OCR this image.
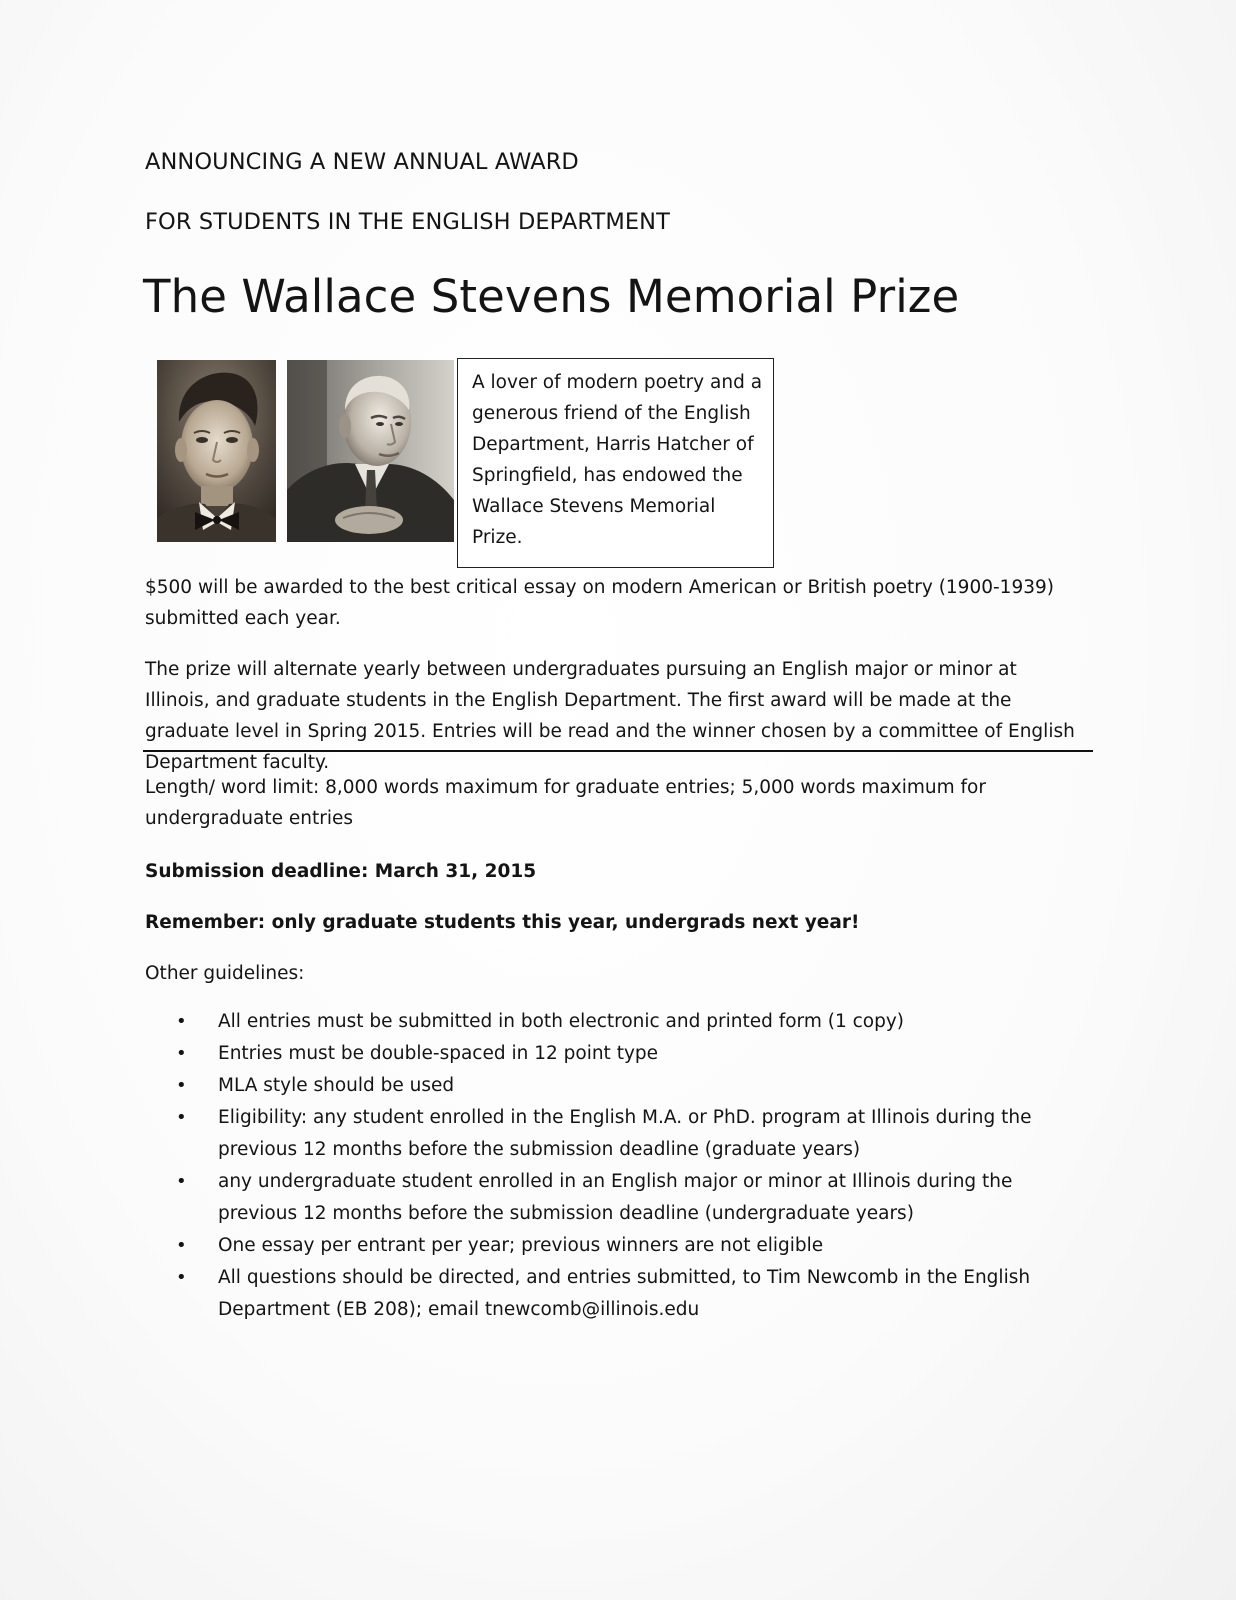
ANNOUNCING A NEW ANNUAL AWARD

FOR STUDENTS IN THE ENGLISH DEPARTMENT

The Wallace Stevens Memorial Prize
A lover of modern poetry and a generous friend of the English Department, Harris Hatcher of Springfield, has endowed the Wallace Stevens Memorial Prize.

$500 will be awarded to the best critical essay on modern American or British poetry (1900-1939) submitted each year.

The prize will alternate yearly between undergraduates pursuing an English major or minor at Illinois, and graduate students in the English Department. The first award will be made at the graduate level in Spring 2015. Entries will be read and the winner chosen by a committee of English Department faculty.

Length/ word limit: 8,000 words maximum for graduate entries; 5,000 words maximum for undergraduate entries

Submission deadline: March 31, 2015

Remember: only graduate students this year, undergrads next year!

Other guidelines:

• All entries must be submitted in both electronic and printed form (1 copy)
• Entries must be double-spaced in 12 point type
• MLA style should be used
• Eligibility: any student enrolled in the English M.A. or PhD. program at Illinois during the previous 12 months before the submission deadline (graduate years)
• any undergraduate student enrolled in an English major or minor at Illinois during the previous 12 months before the submission deadline (undergraduate years)
• One essay per entrant per year; previous winners are not eligible
• All questions should be directed, and entries submitted, to Tim Newcomb in the English Department (EB 208); email tnewcomb@illinois.edu
